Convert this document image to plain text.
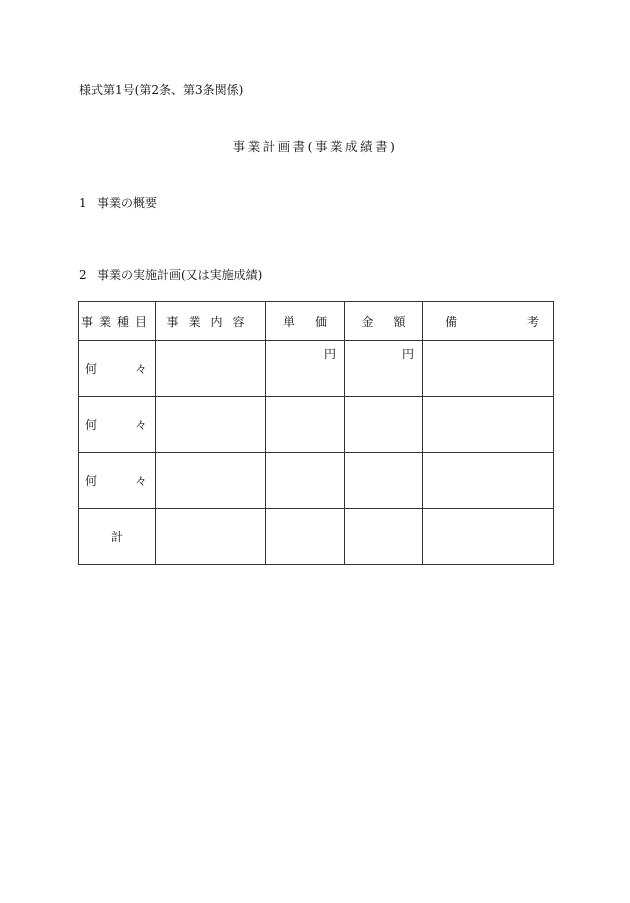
様式第1号(第2条、第3条関係)
事業計画書(事業成績書)
1 事業の概要
2 事業の実施計画(又は実施成績)
事業種目	事業内容	単 価	金 額	備 考

何 々		円	円	

何 々				

何 々				

計				
